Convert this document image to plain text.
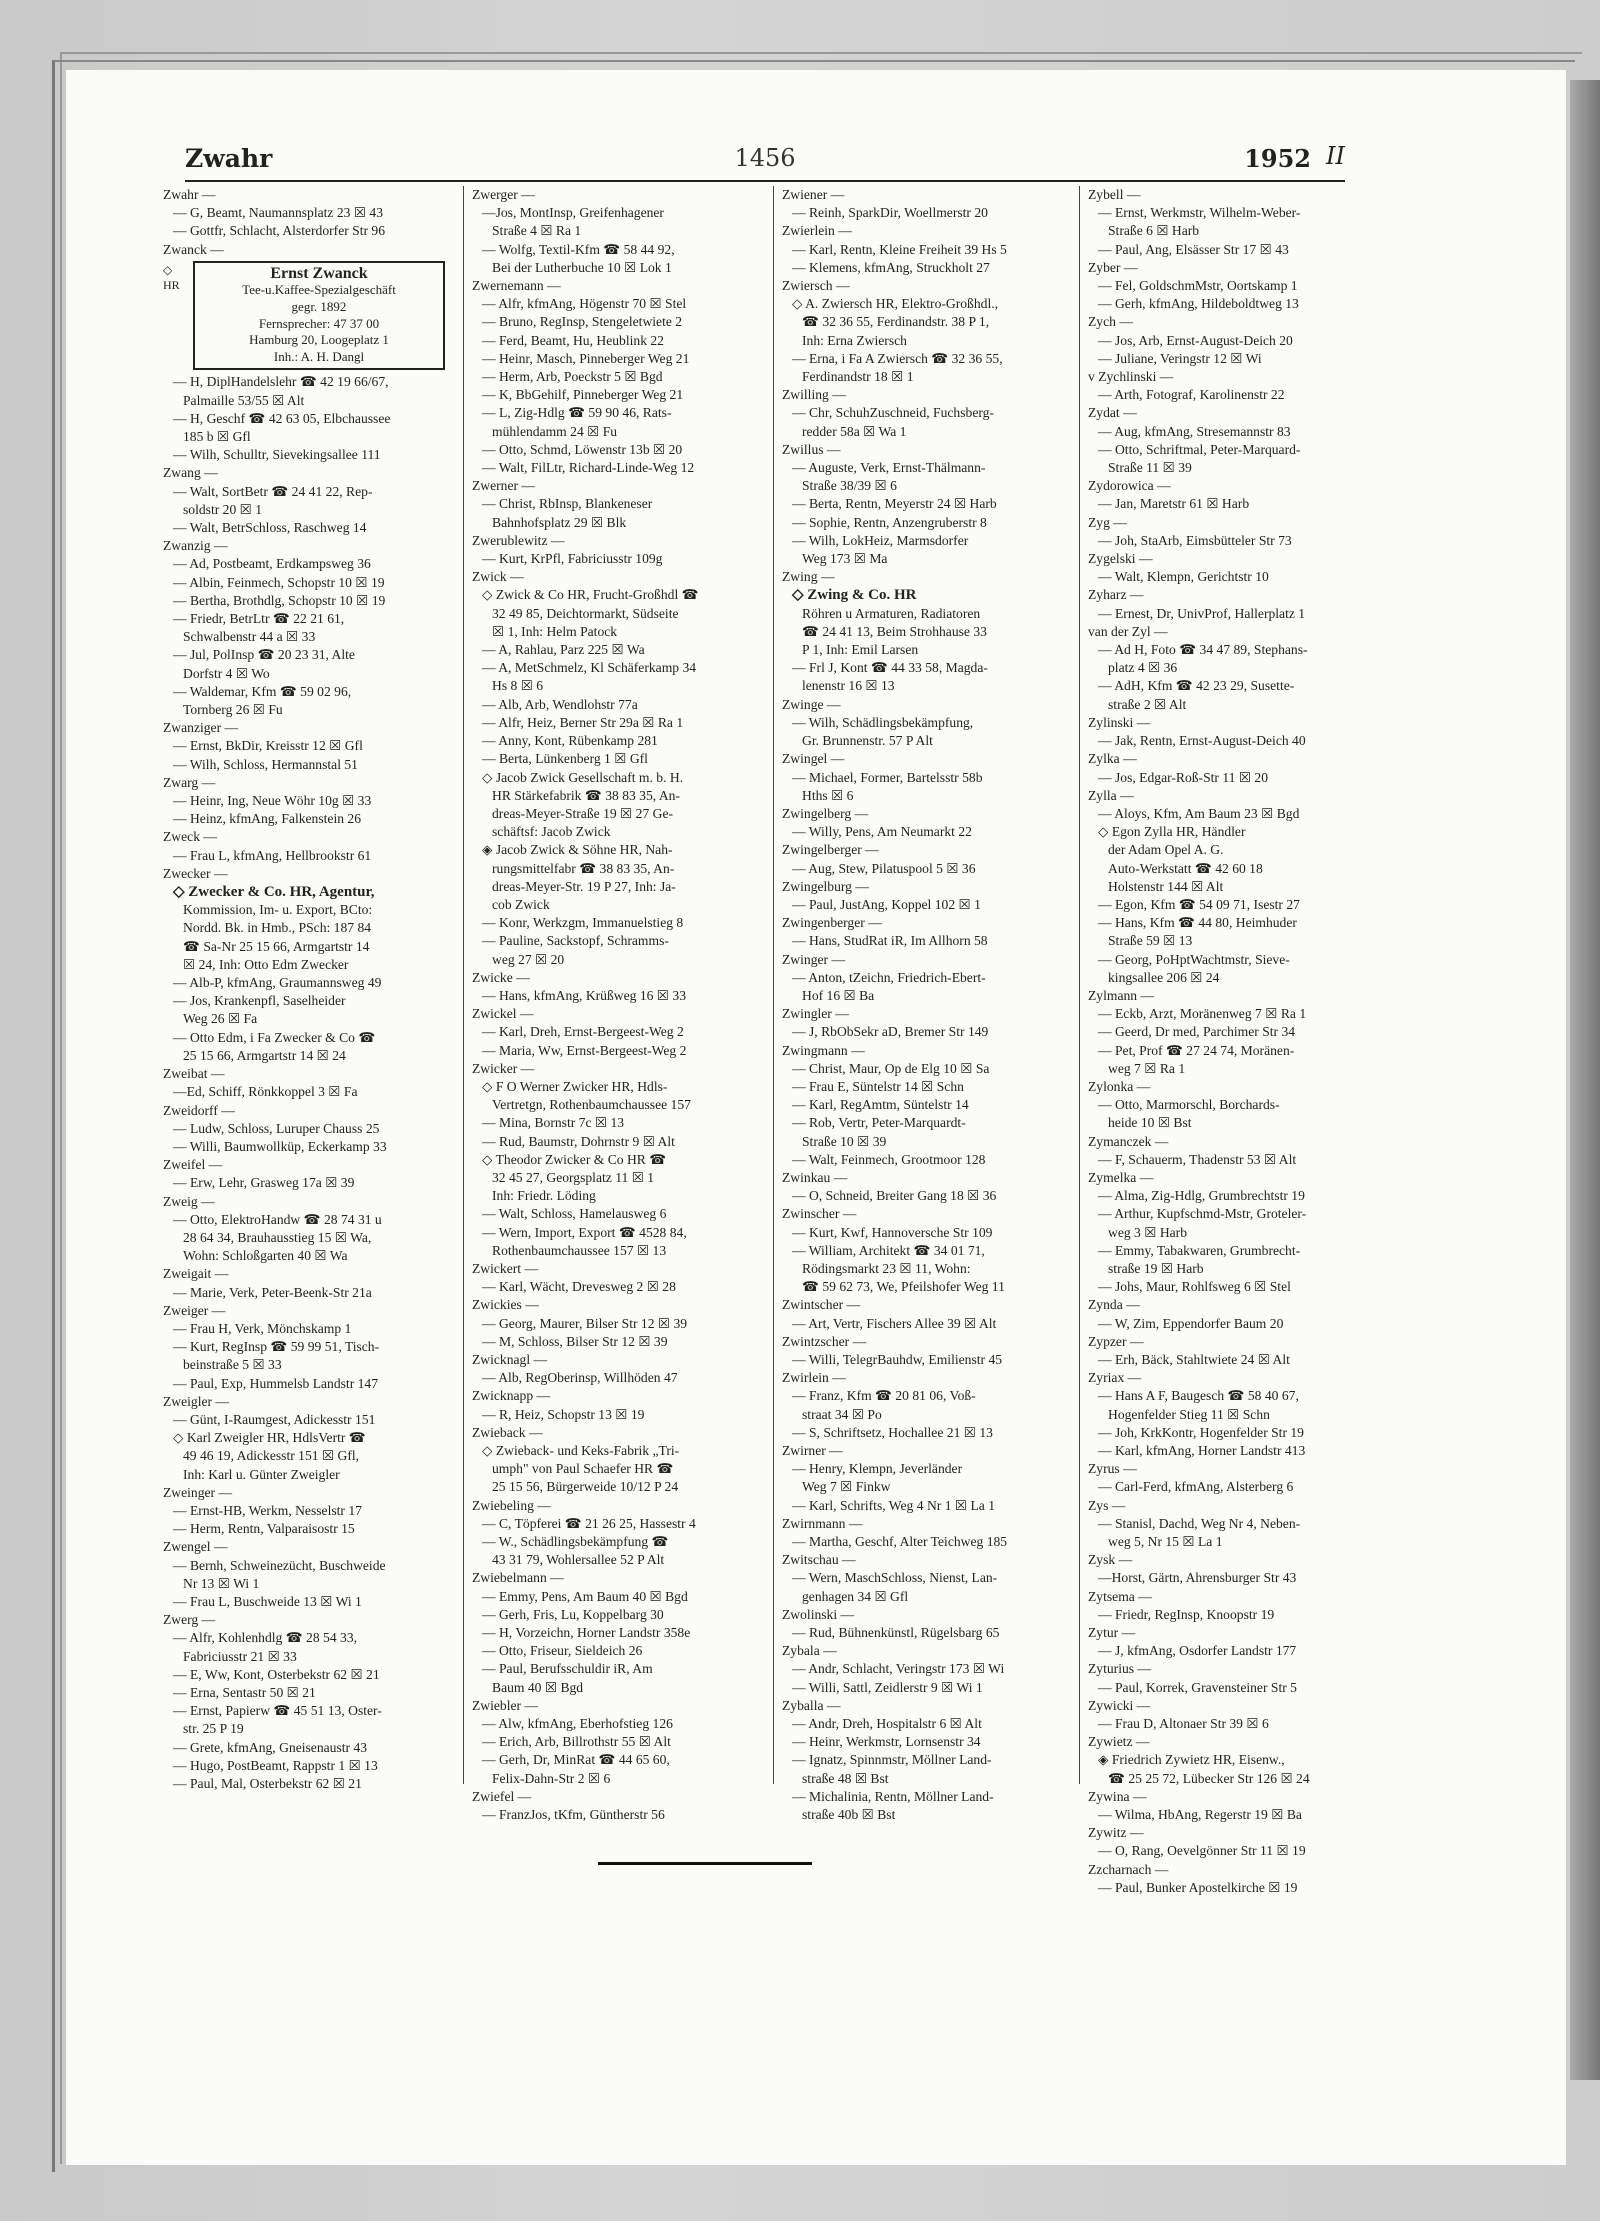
Zwahr	1456	1952 II
Zwahr —
— G, Beamt, Naumannsplatz 23 ☒ 43
— Gottfr, Schlacht, Alsterdorfer Str 96
Zwanck —
◇ HR
Ernst Zwanck
Tee-u.Kaffee-Spezialgeschäft
gegr. 1892
Fernsprecher: 47 37 00
Hamburg 20, Loogeplatz 1
Inh.: A. H. Dangl
— H, DiplHandelslehr ☎ 42 19 66/67,
Palmaille 53/55 ☒ Alt
— H, Geschf ☎ 42 63 05, Elbchaussee
185 b ☒ Gfl
— Wilh, Schulltr, Sievekingsallee 111
Zwang —
— Walt, SortBetr ☎ 24 41 22, Rep-
soldstr 20 ☒ 1
— Walt, BetrSchloss, Raschweg 14
Zwanzig —
— Ad, Postbeamt, Erdkampsweg 36
— Albin, Feinmech, Schopstr 10 ☒ 19
— Bertha, Brothdlg, Schopstr 10 ☒ 19
— Friedr, BetrLtr ☎ 22 21 61,
Schwalbenstr 44 a ☒ 33
— Jul, PolInsp ☎ 20 23 31, Alte
Dorfstr 4 ☒ Wo
— Waldemar, Kfm ☎ 59 02 96,
Tornberg 26 ☒ Fu
Zwanziger —
— Ernst, BkDir, Kreisstr 12 ☒ Gfl
— Wilh, Schloss, Hermannstal 51
Zwarg —
— Heinr, Ing, Neue Wöhr 10g ☒ 33
— Heinz, kfmAng, Falkenstein 26
Zweck —
— Frau L, kfmAng, Hellbrookstr 61
Zwecker —
◇ Zwecker & Co. HR, Agentur,
Kommission, Im- u. Export, BCto:
Nordd. Bk. in Hmb., PSch: 187 84
☎ Sa-Nr 25 15 66, Armgartstr 14
☒ 24, Inh: Otto Edm Zwecker
— Alb-P, kfmAng, Graumannsweg 49
— Jos, Krankenpfl, Saselheider
Weg 26 ☒ Fa
— Otto Edm, i Fa Zwecker & Co ☎
25 15 66, Armgartstr 14 ☒ 24
Zweibat —
—Ed, Schiff, Rönkkoppel 3 ☒ Fa
Zweidorff —
— Ludw, Schloss, Luruper Chauss 25
— Willi, Baumwollküp, Eckerkamp 33
Zweifel —
— Erw, Lehr, Grasweg 17a ☒ 39
Zweig —
— Otto, ElektroHandw ☎ 28 74 31 u
28 64 34, Brauhausstieg 15 ☒ Wa,
Wohn: Schloßgarten 40 ☒ Wa
Zweigait —
— Marie, Verk, Peter-Beenk-Str 21a
Zweiger —
— Frau H, Verk, Mönchskamp 1
— Kurt, RegInsp ☎ 59 99 51, Tisch-
beinstraße 5 ☒ 33
— Paul, Exp, Hummelsb Landstr 147
Zweigler —
— Günt, I-Raumgest, Adickesstr 151
◇ Karl Zweigler HR, HdlsVertr ☎
49 46 19, Adickesstr 151 ☒ Gfl,
Inh: Karl u. Günter Zweigler
Zweinger —
— Ernst-HB, Werkm, Nesselstr 17
— Herm, Rentn, Valparaisostr 15
Zwengel —
— Bernh, Schweinezücht, Buschweide
Nr 13 ☒ Wi 1
— Frau L, Buschweide 13 ☒ Wi 1
Zwerg —
— Alfr, Kohlenhdlg ☎ 28 54 33,
Fabriciusstr 21 ☒ 33
— E, Ww, Kont, Osterbekstr 62 ☒ 21
— Erna, Sentastr 50 ☒ 21
— Ernst, Papierw ☎ 45 51 13, Oster-
str. 25 P 19
— Grete, kfmAng, Gneisenaustr 43
— Hugo, PostBeamt, Rappstr 1 ☒ 13
— Paul, Mal, Osterbekstr 62 ☒ 21
Zwerger —
—Jos, MontInsp, Greifenhagener
Straße 4 ☒ Ra 1
— Wolfg, Textil-Kfm ☎ 58 44 92,
Bei der Lutherbuche 10 ☒ Lok 1
Zwernemann —
— Alfr, kfmAng, Högenstr 70 ☒ Stel
— Bruno, RegInsp, Stengeletwiete 2
— Ferd, Beamt, Hu, Heublink 22
— Heinr, Masch, Pinneberger Weg 21
— Herm, Arb, Poeckstr 5 ☒ Bgd
— K, BbGehilf, Pinneberger Weg 21
— L, Zig-Hdlg ☎ 59 90 46, Rats-
mühlendamm 24 ☒ Fu
— Otto, Schmd, Löwenstr 13b ☒ 20
— Walt, FilLtr, Richard-Linde-Weg 12
Zwerner —
— Christ, RbInsp, Blankeneser
Bahnhofsplatz 29 ☒ Blk
Zwerublewitz —
— Kurt, KrPfl, Fabriciusstr 109g
Zwick —
◇ Zwick & Co HR, Frucht-Großhdl ☎
32 49 85, Deichtormarkt, Südseite
☒ 1, Inh: Helm Patock
— A, Rahlau, Parz 225 ☒ Wa
— A, MetSchmelz, Kl Schäferkamp 34
Hs 8 ☒ 6
— Alb, Arb, Wendlohstr 77a
— Alfr, Heiz, Berner Str 29a ☒ Ra 1
— Anny, Kont, Rübenkamp 281
— Berta, Lünkenberg 1 ☒ Gfl
◇ Jacob Zwick Gesellschaft m. b. H.
HR Stärkefabrik ☎ 38 83 35, An-
dreas-Meyer-Straße 19 ☒ 27 Ge-
schäftsf: Jacob Zwick
◈ Jacob Zwick & Söhne HR, Nah-
rungsmittelfabr ☎ 38 83 35, An-
dreas-Meyer-Str. 19 P 27, Inh: Ja-
cob Zwick
— Konr, Werkzgm, Immanuelstieg 8
— Pauline, Sackstopf, Schramms-
weg 27 ☒ 20
Zwicke —
— Hans, kfmAng, Krüßweg 16 ☒ 33
Zwickel —
— Karl, Dreh, Ernst-Bergeest-Weg 2
— Maria, Ww, Ernst-Bergeest-Weg 2
Zwicker —
◇ F O Werner Zwicker HR, Hdls-
Vertretgn, Rothenbaumchaussee 157
— Mina, Bornstr 7c ☒ 13
— Rud, Baumstr, Dohrnstr 9 ☒ Alt
◇ Theodor Zwicker & Co HR ☎
32 45 27, Georgsplatz 11 ☒ 1
Inh: Friedr. Löding
— Walt, Schloss, Hamelausweg 6
— Wern, Import, Export ☎ 4528 84,
Rothenbaumchaussee 157 ☒ 13
Zwickert —
— Karl, Wächt, Drevesweg 2 ☒ 28
Zwickies —
— Georg, Maurer, Bilser Str 12 ☒ 39
— M, Schloss, Bilser Str 12 ☒ 39
Zwicknagl —
— Alb, RegOberinsp, Willhöden 47
Zwicknapp —
— R, Heiz, Schopstr 13 ☒ 19
Zwieback —
◇ Zwieback- und Keks-Fabrik „Tri-
umph" von Paul Schaefer HR ☎
25 15 56, Bürgerweide 10/12 P 24
Zwiebeling —
— C, Töpferei ☎ 21 26 25, Hassestr 4
— W., Schädlingsbekämpfung ☎
43 31 79, Wohlersallee 52 P Alt
Zwiebelmann —
— Emmy, Pens, Am Baum 40 ☒ Bgd
— Gerh, Fris, Lu, Koppelbarg 30
— H, Vorzeichn, Horner Landstr 358e
— Otto, Friseur, Sieldeich 26
— Paul, Berufsschuldir iR, Am
Baum 40 ☒ Bgd
Zwiebler —
— Alw, kfmAng, Eberhofstieg 126
— Erich, Arb, Billrothstr 55 ☒ Alt
— Gerh, Dr, MinRat ☎ 44 65 60,
Felix-Dahn-Str 2 ☒ 6
Zwiefel —
— FranzJos, tKfm, Güntherstr 56
Zwiener —
— Reinh, SparkDir, Woellmerstr 20
Zwierlein —
— Karl, Rentn, Kleine Freiheit 39 Hs 5
— Klemens, kfmAng, Struckholt 27
Zwiersch —
◇ A. Zwiersch HR, Elektro-Großhdl.,
☎ 32 36 55, Ferdinandstr. 38 P 1,
Inh: Erna Zwiersch
— Erna, i Fa A Zwiersch ☎ 32 36 55,
Ferdinandstr 18 ☒ 1
Zwilling —
— Chr, SchuhZuschneid, Fuchsberg-
redder 58a ☒ Wa 1
Zwillus —
— Auguste, Verk, Ernst-Thälmann-
Straße 38/39 ☒ 6
— Berta, Rentn, Meyerstr 24 ☒ Harb
— Sophie, Rentn, Anzengruberstr 8
— Wilh, LokHeiz, Marmsdorfer
Weg 173 ☒ Ma
Zwing —
◇ Zwing & Co. HR
Röhren u Armaturen, Radiatoren
☎ 24 41 13, Beim Strohhause 33
P 1, Inh: Emil Larsen
— Frl J, Kont ☎ 44 33 58, Magda-
lenenstr 16 ☒ 13
Zwinge —
— Wilh, Schädlingsbekämpfung,
Gr. Brunnenstr. 57 P Alt
Zwingel —
— Michael, Former, Bartelsstr 58b
Hths ☒ 6
Zwingelberg —
— Willy, Pens, Am Neumarkt 22
Zwingelberger —
— Aug, Stew, Pilatuspool 5 ☒ 36
Zwingelburg —
— Paul, JustAng, Koppel 102 ☒ 1
Zwingenberger —
— Hans, StudRat iR, Im Allhorn 58
Zwinger —
— Anton, tZeichn, Friedrich-Ebert-
Hof 16 ☒ Ba
Zwingler —
— J, RbObSekr aD, Bremer Str 149
Zwingmann —
— Christ, Maur, Op de Elg 10 ☒ Sa
— Frau E, Süntelstr 14 ☒ Schn
— Karl, RegAmtm, Süntelstr 14
— Rob, Vertr, Peter-Marquardt-
Straße 10 ☒ 39
— Walt, Feinmech, Grootmoor 128
Zwinkau —
— O, Schneid, Breiter Gang 18 ☒ 36
Zwinscher —
— Kurt, Kwf, Hannoversche Str 109
— William, Architekt ☎ 34 01 71,
Rödingsmarkt 23 ☒ 11, Wohn:
☎ 59 62 73, We, Pfeilshofer Weg 11
Zwintscher —
— Art, Vertr, Fischers Allee 39 ☒ Alt
Zwintzscher —
— Willi, TelegrBauhdw, Emilienstr 45
Zwirlein —
— Franz, Kfm ☎ 20 81 06, Voß-
straat 34 ☒ Po
— S, Schriftsetz, Hochallee 21 ☒ 13
Zwirner —
— Henry, Klempn, Jeverländer
Weg 7 ☒ Finkw
— Karl, Schrifts, Weg 4 Nr 1 ☒ La 1
Zwirnmann —
— Martha, Geschf, Alter Teichweg 185
Zwitschau —
— Wern, MaschSchloss, Nienst, Lan-
genhagen 34 ☒ Gfl
Zwolinski —
— Rud, Bühnenkünstl, Rügelsbarg 65
Zybala —
— Andr, Schlacht, Veringstr 173 ☒ Wi
— Willi, Sattl, Zeidlerstr 9 ☒ Wi 1
Zyballa —
— Andr, Dreh, Hospitalstr 6 ☒ Alt
— Heinr, Werkmstr, Lornsenstr 34
— Ignatz, Spinnmstr, Möllner Land-
straße 48 ☒ Bst
— Michalinia, Rentn, Möllner Land-
straße 40b ☒ Bst
Zybell —
— Ernst, Werkmstr, Wilhelm-Weber-
Straße 6 ☒ Harb
— Paul, Ang, Elsässer Str 17 ☒ 43
Zyber —
— Fel, GoldschmMstr, Oortskamp 1
— Gerh, kfmAng, Hildeboldtweg 13
Zych —
— Jos, Arb, Ernst-August-Deich 20
— Juliane, Veringstr 12 ☒ Wi
v Zychlinski —
— Arth, Fotograf, Karolinenstr 22
Zydat —
— Aug, kfmAng, Stresemannstr 83
— Otto, Schriftmal, Peter-Marquard-
Straße 11 ☒ 39
Zydorowica —
— Jan, Maretstr 61 ☒ Harb
Zyg —
— Joh, StaArb, Eimsbütteler Str 73
Zygelski —
— Walt, Klempn, Gerichtstr 10
Zyharz —
— Ernest, Dr, UnivProf, Hallerplatz 1
van der Zyl —
— Ad H, Foto ☎ 34 47 89, Stephans-
platz 4 ☒ 36
— AdH, Kfm ☎ 42 23 29, Susette-
straße 2 ☒ Alt
Zylinski —
— Jak, Rentn, Ernst-August-Deich 40
Zylka —
— Jos, Edgar-Roß-Str 11 ☒ 20
Zylla —
— Aloys, Kfm, Am Baum 23 ☒ Bgd
◇ Egon Zylla HR, Händler
der Adam Opel A. G.
Auto-Werkstatt ☎ 42 60 18
Holstenstr 144 ☒ Alt
— Egon, Kfm ☎ 54 09 71, Isestr 27
— Hans, Kfm ☎ 44 80, Heimhuder
Straße 59 ☒ 13
— Georg, PoHptWachtmstr, Sieve-
kingsallee 206 ☒ 24
Zylmann —
— Eckb, Arzt, Moränenweg 7 ☒ Ra 1
— Geerd, Dr med, Parchimer Str 34
— Pet, Prof ☎ 27 24 74, Moränen-
weg 7 ☒ Ra 1
Zylonka —
— Otto, Marmorschl, Borchards-
heide 10 ☒ Bst
Zymanczek —
— F, Schauerm, Thadenstr 53 ☒ Alt
Zymelka —
— Alma, Zig-Hdlg, Grumbrechtstr 19
— Arthur, Kupfschmd-Mstr, Groteler-
weg 3 ☒ Harb
— Emmy, Tabakwaren, Grumbrecht-
straße 19 ☒ Harb
— Johs, Maur, Rohlfsweg 6 ☒ Stel
Zynda —
— W, Zim, Eppendorfer Baum 20
Zypzer —
— Erh, Bäck, Stahltwiete 24 ☒ Alt
Zyriax —
— Hans A F, Baugesch ☎ 58 40 67,
Hogenfelder Stieg 11 ☒ Schn
— Joh, KrkKontr, Hogenfelder Str 19
— Karl, kfmAng, Horner Landstr 413
Zyrus —
— Carl-Ferd, kfmAng, Alsterberg 6
Zys —
— Stanisl, Dachd, Weg Nr 4, Neben-
weg 5, Nr 15 ☒ La 1
Zysk —
—Horst, Gärtn, Ahrensburger Str 43
Zytsema —
— Friedr, RegInsp, Knoopstr 19
Zytur —
— J, kfmAng, Osdorfer Landstr 177
Zyturius —
— Paul, Korrek, Gravensteiner Str 5
Zywicki —
— Frau D, Altonaer Str 39 ☒ 6
Zywietz —
◈ Friedrich Zywietz HR, Eisenw.,
☎ 25 25 72, Lübecker Str 126 ☒ 24
Zywina —
— Wilma, HbAng, Regerstr 19 ☒ Ba
Zywitz —
— O, Rang, Oevelgönner Str 11 ☒ 19
Zzcharnach —
— Paul, Bunker Apostelkirche ☒ 19
